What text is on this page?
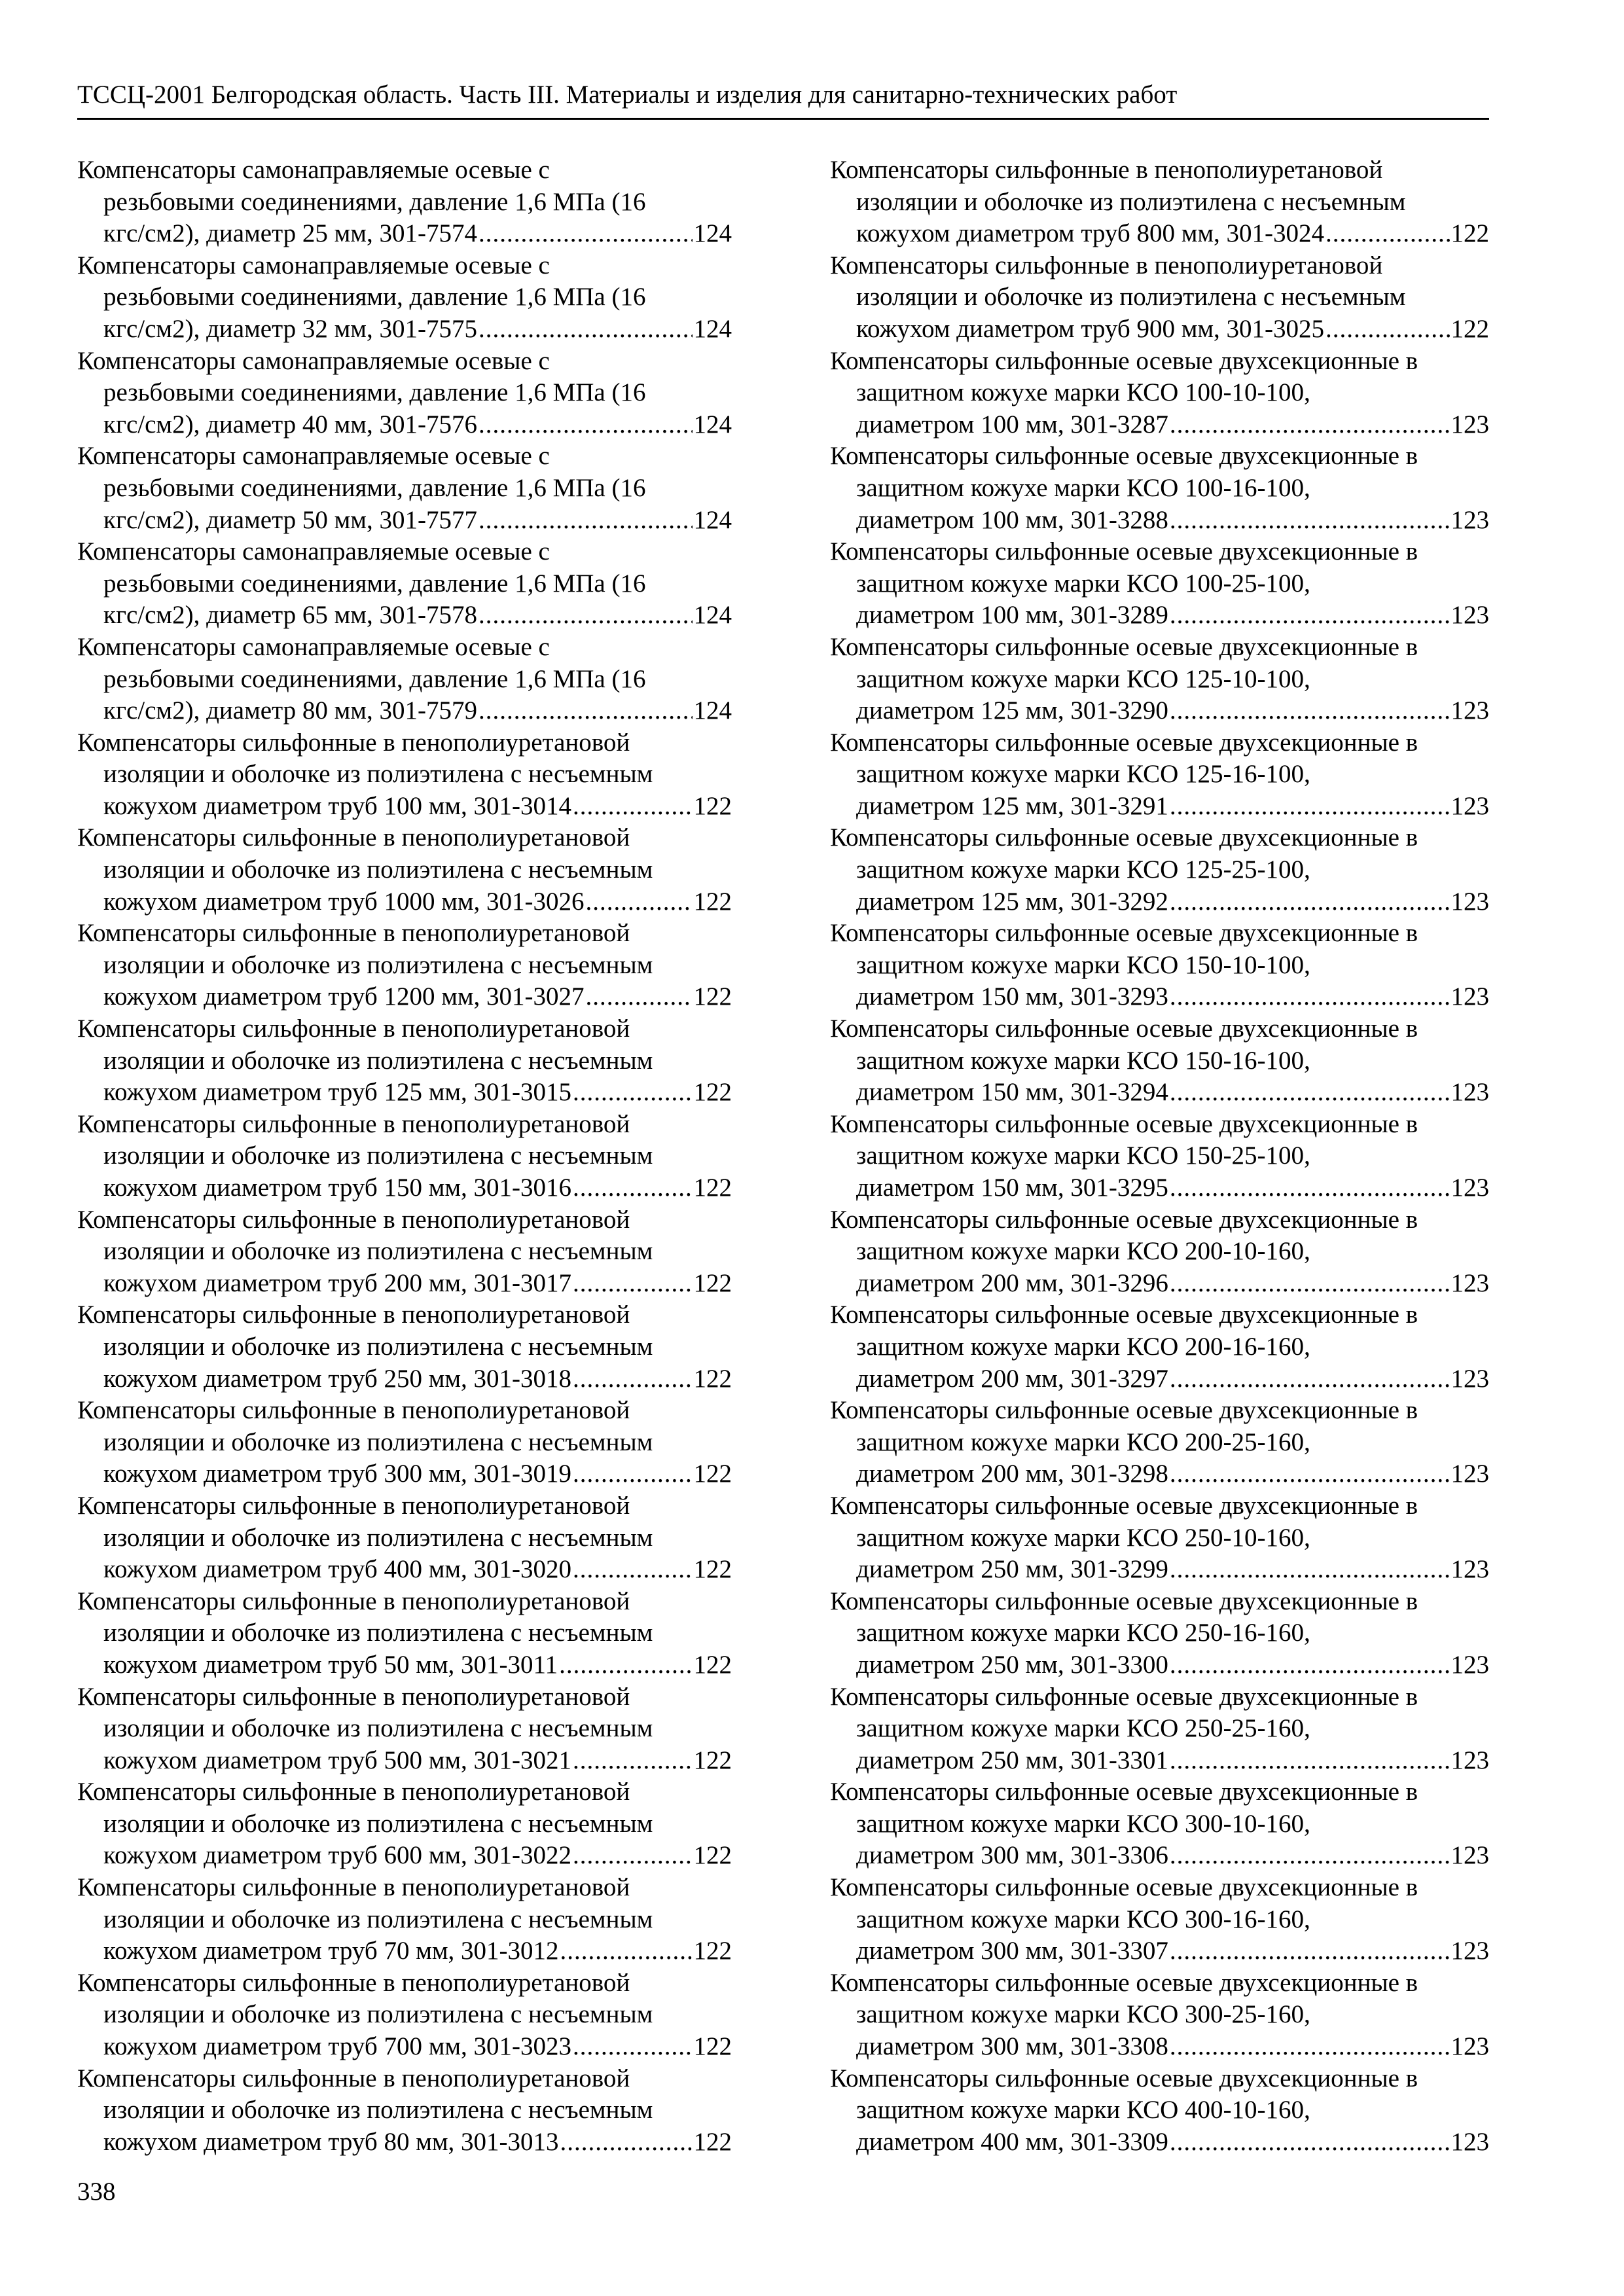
ТССЦ-2001 Белгородская область. Часть III. Материалы и изделия для санитарно-технических работ
Компенсаторы самонаправляемые осевые с
резьбовыми соединениями, давление 1,6 МПа (16
кгс/см2), диаметр 25 мм, 301-7574 .....	124
Компенсаторы самонаправляемые осевые с
резьбовыми соединениями, давление 1,6 МПа (16
кгс/см2), диаметр 32 мм, 301-7575 .....	124
Компенсаторы самонаправляемые осевые с
резьбовыми соединениями, давление 1,6 МПа (16
кгс/см2), диаметр 40 мм, 301-7576 .....	124
Компенсаторы самонаправляемые осевые с
резьбовыми соединениями, давление 1,6 МПа (16
кгс/см2), диаметр 50 мм, 301-7577 .....	124
Компенсаторы самонаправляемые осевые с
резьбовыми соединениями, давление 1,6 МПа (16
кгс/см2), диаметр 65 мм, 301-7578 .....	124
Компенсаторы самонаправляемые осевые с
резьбовыми соединениями, давление 1,6 МПа (16
кгс/см2), диаметр 80 мм, 301-7579 .....	124
Компенсаторы сильфонные в пенополиуретановой
изоляции и оболочке из полиэтилена с несъемным
кожухом диаметром труб 100 мм, 301-3014 .....	122
Компенсаторы сильфонные в пенополиуретановой
изоляции и оболочке из полиэтилена с несъемным
кожухом диаметром труб 1000 мм, 301-3026 .....	122
Компенсаторы сильфонные в пенополиуретановой
изоляции и оболочке из полиэтилена с несъемным
кожухом диаметром труб 1200 мм, 301-3027 .....	122
Компенсаторы сильфонные в пенополиуретановой
изоляции и оболочке из полиэтилена с несъемным
кожухом диаметром труб 125 мм, 301-3015 .....	122
Компенсаторы сильфонные в пенополиуретановой
изоляции и оболочке из полиэтилена с несъемным
кожухом диаметром труб 150 мм, 301-3016 .....	122
Компенсаторы сильфонные в пенополиуретановой
изоляции и оболочке из полиэтилена с несъемным
кожухом диаметром труб 200 мм, 301-3017 .....	122
Компенсаторы сильфонные в пенополиуретановой
изоляции и оболочке из полиэтилена с несъемным
кожухом диаметром труб 250 мм, 301-3018 .....	122
Компенсаторы сильфонные в пенополиуретановой
изоляции и оболочке из полиэтилена с несъемным
кожухом диаметром труб 300 мм, 301-3019 .....	122
Компенсаторы сильфонные в пенополиуретановой
изоляции и оболочке из полиэтилена с несъемным
кожухом диаметром труб 400 мм, 301-3020 .....	122
Компенсаторы сильфонные в пенополиуретановой
изоляции и оболочке из полиэтилена с несъемным
кожухом диаметром труб 50 мм, 301-3011 .....	122
Компенсаторы сильфонные в пенополиуретановой
изоляции и оболочке из полиэтилена с несъемным
кожухом диаметром труб 500 мм, 301-3021 .....	122
Компенсаторы сильфонные в пенополиуретановой
изоляции и оболочке из полиэтилена с несъемным
кожухом диаметром труб 600 мм, 301-3022 .....	122
Компенсаторы сильфонные в пенополиуретановой
изоляции и оболочке из полиэтилена с несъемным
кожухом диаметром труб 70 мм, 301-3012 .....	122
Компенсаторы сильфонные в пенополиуретановой
изоляции и оболочке из полиэтилена с несъемным
кожухом диаметром труб 700 мм, 301-3023 .....	122
Компенсаторы сильфонные в пенополиуретановой
изоляции и оболочке из полиэтилена с несъемным
кожухом диаметром труб 80 мм, 301-3013 .....	122
Компенсаторы сильфонные в пенополиуретановой
изоляции и оболочке из полиэтилена с несъемным
кожухом диаметром труб 800 мм, 301-3024 .....	122
Компенсаторы сильфонные в пенополиуретановой
изоляции и оболочке из полиэтилена с несъемным
кожухом диаметром труб 900 мм, 301-3025 .....	122
Компенсаторы сильфонные осевые двухсекционные в
защитном кожухе марки КСО 100-10-100,
диаметром 100 мм, 301-3287 .....	123
Компенсаторы сильфонные осевые двухсекционные в
защитном кожухе марки КСО 100-16-100,
диаметром 100 мм, 301-3288 .....	123
Компенсаторы сильфонные осевые двухсекционные в
защитном кожухе марки КСО 100-25-100,
диаметром 100 мм, 301-3289 .....	123
Компенсаторы сильфонные осевые двухсекционные в
защитном кожухе марки КСО 125-10-100,
диаметром 125 мм, 301-3290 .....	123
Компенсаторы сильфонные осевые двухсекционные в
защитном кожухе марки КСО 125-16-100,
диаметром 125 мм, 301-3291 .....	123
Компенсаторы сильфонные осевые двухсекционные в
защитном кожухе марки КСО 125-25-100,
диаметром 125 мм, 301-3292 .....	123
Компенсаторы сильфонные осевые двухсекционные в
защитном кожухе марки КСО 150-10-100,
диаметром 150 мм, 301-3293 .....	123
Компенсаторы сильфонные осевые двухсекционные в
защитном кожухе марки КСО 150-16-100,
диаметром 150 мм, 301-3294 .....	123
Компенсаторы сильфонные осевые двухсекционные в
защитном кожухе марки КСО 150-25-100,
диаметром 150 мм, 301-3295 .....	123
Компенсаторы сильфонные осевые двухсекционные в
защитном кожухе марки КСО 200-10-160,
диаметром 200 мм, 301-3296 .....	123
Компенсаторы сильфонные осевые двухсекционные в
защитном кожухе марки КСО 200-16-160,
диаметром 200 мм, 301-3297 .....	123
Компенсаторы сильфонные осевые двухсекционные в
защитном кожухе марки КСО 200-25-160,
диаметром 200 мм, 301-3298 .....	123
Компенсаторы сильфонные осевые двухсекционные в
защитном кожухе марки КСО 250-10-160,
диаметром 250 мм, 301-3299 .....	123
Компенсаторы сильфонные осевые двухсекционные в
защитном кожухе марки КСО 250-16-160,
диаметром 250 мм, 301-3300 .....	123
Компенсаторы сильфонные осевые двухсекционные в
защитном кожухе марки КСО 250-25-160,
диаметром 250 мм, 301-3301 .....	123
Компенсаторы сильфонные осевые двухсекционные в
защитном кожухе марки КСО 300-10-160,
диаметром 300 мм, 301-3306 .....	123
Компенсаторы сильфонные осевые двухсекционные в
защитном кожухе марки КСО 300-16-160,
диаметром 300 мм, 301-3307 .....	123
Компенсаторы сильфонные осевые двухсекционные в
защитном кожухе марки КСО 300-25-160,
диаметром 300 мм, 301-3308 .....	123
Компенсаторы сильфонные осевые двухсекционные в
защитном кожухе марки КСО 400-10-160,
диаметром 400 мм, 301-3309 .....	123
338
